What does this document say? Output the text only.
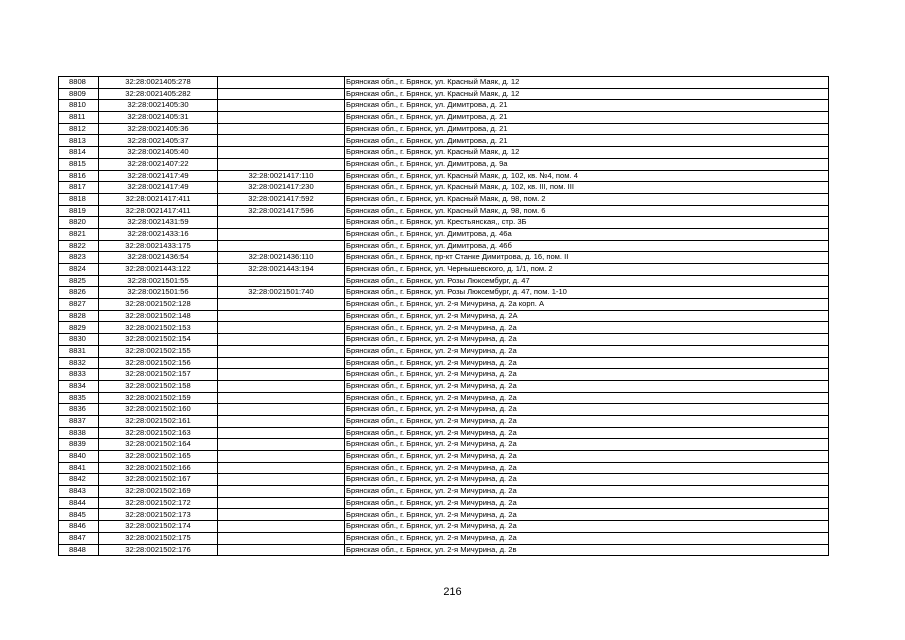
8808	32:28:0021405:278		Брянская обл., г. Брянск, ул. Красный Маяк, д. 12
8809	32:28:0021405:282		Брянская обл., г. Брянск, ул. Красный Маяк, д. 12
8810	32:28:0021405:30		Брянская обл., г. Брянск, ул. Димитрова, д. 21
8811	32:28:0021405:31		Брянская обл., г. Брянск, ул. Димитрова, д. 21
8812	32:28:0021405:36		Брянская обл., г. Брянск, ул. Димитрова, д. 21
8813	32:28:0021405:37		Брянская обл., г. Брянск, ул. Димитрова, д. 21
8814	32:28:0021405:40		Брянская обл., г. Брянск, ул. Красный Маяк, д. 12
8815	32:28:0021407:22		Брянская обл., г. Брянск, ул. Димитрова, д. 9а
8816	32:28:0021417:49	32:28:0021417:110	Брянская обл., г. Брянск, ул. Красный Маяк, д. 102, кв. №4, пом. 4
8817	32:28:0021417:49	32:28:0021417:230	Брянская обл., г. Брянск, ул. Красный Маяк, д. 102, кв. III, пом. III
8818	32:28:0021417:411	32:28:0021417:592	Брянская обл., г. Брянск, ул. Красный Маяк, д. 98, пом. 2
8819	32:28:0021417:411	32:28:0021417:596	Брянская обл., г. Брянск, ул. Красный Маяк, д. 98, пом. 6
8820	32:28:0021431:59		Брянская обл., г. Брянск, ул. Крестьянская,, стр. 3Б
8821	32:28:0021433:16		Брянская обл., г. Брянск, ул. Димитрова, д. 46а
8822	32:28:0021433:175		Брянская обл., г. Брянск, ул. Димитрова, д. 46б
8823	32:28:0021436:54	32:28:0021436:110	Брянская обл., г. Брянск, пр-кт Станке Димитрова, д. 16, пом. II
8824	32:28:0021443:122	32:28:0021443:194	Брянская обл., г. Брянск, ул. Чернышевского, д. 1/1, пом. 2
8825	32:28:0021501:55		Брянская обл., г. Брянск, ул. Розы Люксембург, д. 47
8826	32:28:0021501:56	32:28:0021501:740	Брянская обл., г. Брянск, ул. Розы Люксембург, д. 47, пом. 1-10
8827	32:28:0021502:128		Брянская обл., г. Брянск, ул. 2-я Мичурина, д. 2а корп. А
8828	32:28:0021502:148		Брянская обл., г. Брянск, ул. 2-я Мичурина, д. 2А
8829	32:28:0021502:153		Брянская обл., г. Брянск, ул. 2-я Мичурина, д. 2а
8830	32:28:0021502:154		Брянская обл., г. Брянск, ул. 2-я Мичурина, д. 2а
8831	32:28:0021502:155		Брянская обл., г. Брянск, ул. 2-я Мичурина, д. 2а
8832	32:28:0021502:156		Брянская обл., г. Брянск, ул. 2-я Мичурина, д. 2а
8833	32:28:0021502:157		Брянская обл., г. Брянск, ул. 2-я Мичурина, д. 2а
8834	32:28:0021502:158		Брянская обл., г. Брянск, ул. 2-я Мичурина, д. 2а
8835	32:28:0021502:159		Брянская обл., г. Брянск, ул. 2-я Мичурина, д. 2а
8836	32:28:0021502:160		Брянская обл., г. Брянск, ул. 2-я Мичурина, д. 2а
8837	32:28:0021502:161		Брянская обл., г. Брянск, ул. 2-я Мичурина, д. 2а
8838	32:28:0021502:163		Брянская обл., г. Брянск, ул. 2-я Мичурина, д. 2а
8839	32:28:0021502:164		Брянская обл., г. Брянск, ул. 2-я Мичурина, д. 2а
8840	32:28:0021502:165		Брянская обл., г. Брянск, ул. 2-я Мичурина, д. 2а
8841	32:28:0021502:166		Брянская обл., г. Брянск, ул. 2-я Мичурина, д. 2а
8842	32:28:0021502:167		Брянская обл., г. Брянск, ул. 2-я Мичурина, д. 2а
8843	32:28:0021502:169		Брянская обл., г. Брянск, ул. 2-я Мичурина, д. 2а
8844	32:28:0021502:172		Брянская обл., г. Брянск, ул. 2-я Мичурина, д. 2а
8845	32:28:0021502:173		Брянская обл., г. Брянск, ул. 2-я Мичурина, д. 2а
8846	32:28:0021502:174		Брянская обл., г. Брянск, ул. 2-я Мичурина, д. 2а
8847	32:28:0021502:175		Брянская обл., г. Брянск, ул. 2-я Мичурина, д. 2а
8848	32:28:0021502:176		Брянская обл., г. Брянск, ул. 2-я Мичурина, д. 2в
216
